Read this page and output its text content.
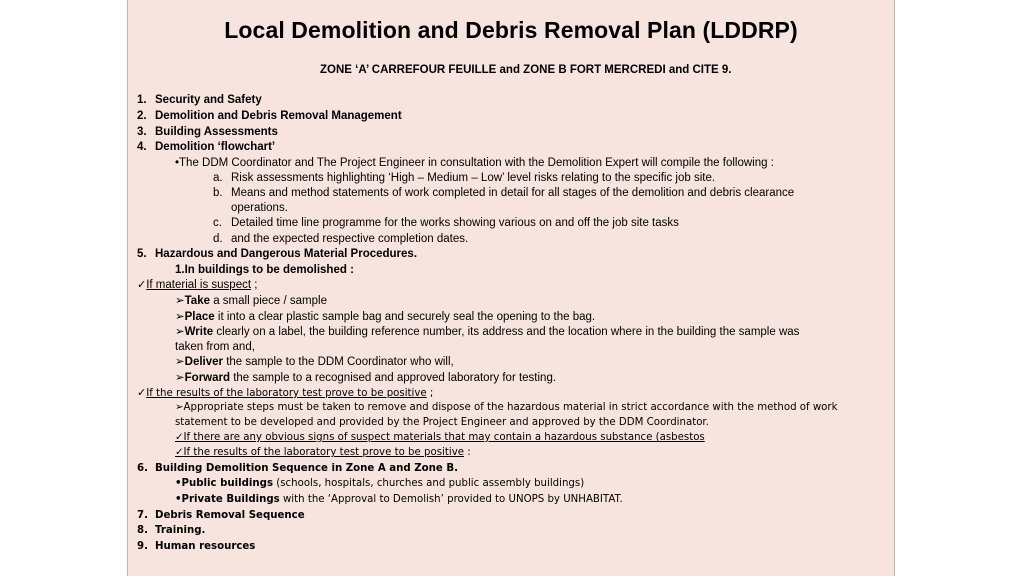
Local Demolition and Debris Removal Plan (LDDRP)
ZONE ‘A’ CARREFOUR FEUILLE and ZONE B FORT MERCREDI and CITE 9.
1. Security and Safety
2. Demolition and Debris Removal Management
3. Building Assessments
4. Demolition ‘flowchart’
•The DDM Coordinator and The Project Engineer in consultation with the Demolition Expert will compile the following :
a. Risk assessments highlighting ‘High – Medium – Low’ level risks relating to the specific job site.
b. Means and method statements of work completed in detail for all stages of the demolition and debris clearance
operations.
c. Detailed time line programme for the works showing various on and off the job site tasks
d. and the expected respective completion dates.
5. Hazardous and Dangerous Material Procedures.
1.In buildings to be demolished :
✓If material is suspect ;
➢Take a small piece / sample
➢Place it into a clear plastic sample bag and securely seal the opening to the bag.
➢Write clearly on a label, the building reference number, its address and the location where in the building the sample was
taken from and,
➢Deliver the sample to the DDM Coordinator who will,
➢Forward the sample to a recognised and approved laboratory for testing.
✓If the results of the laboratory test prove to be positive ;
➢Appropriate steps must be taken to remove and dispose of the hazardous material in strict accordance with the method of work
statement to be developed and provided by the Project Engineer and approved by the DDM Coordinator.
✓If there are any obvious signs of suspect materials that may contain a hazardous substance (asbestos
✓If the results of the laboratory test prove to be positive :
6. Building Demolition Sequence in Zone A and Zone B.
•Public buildings (schools, hospitals, churches and public assembly buildings)
•Private Buildings with the ‘Approval to Demolish’ provided to UNOPS by UNHABITAT.
7. Debris Removal Sequence
8. Training.
9. Human resources
